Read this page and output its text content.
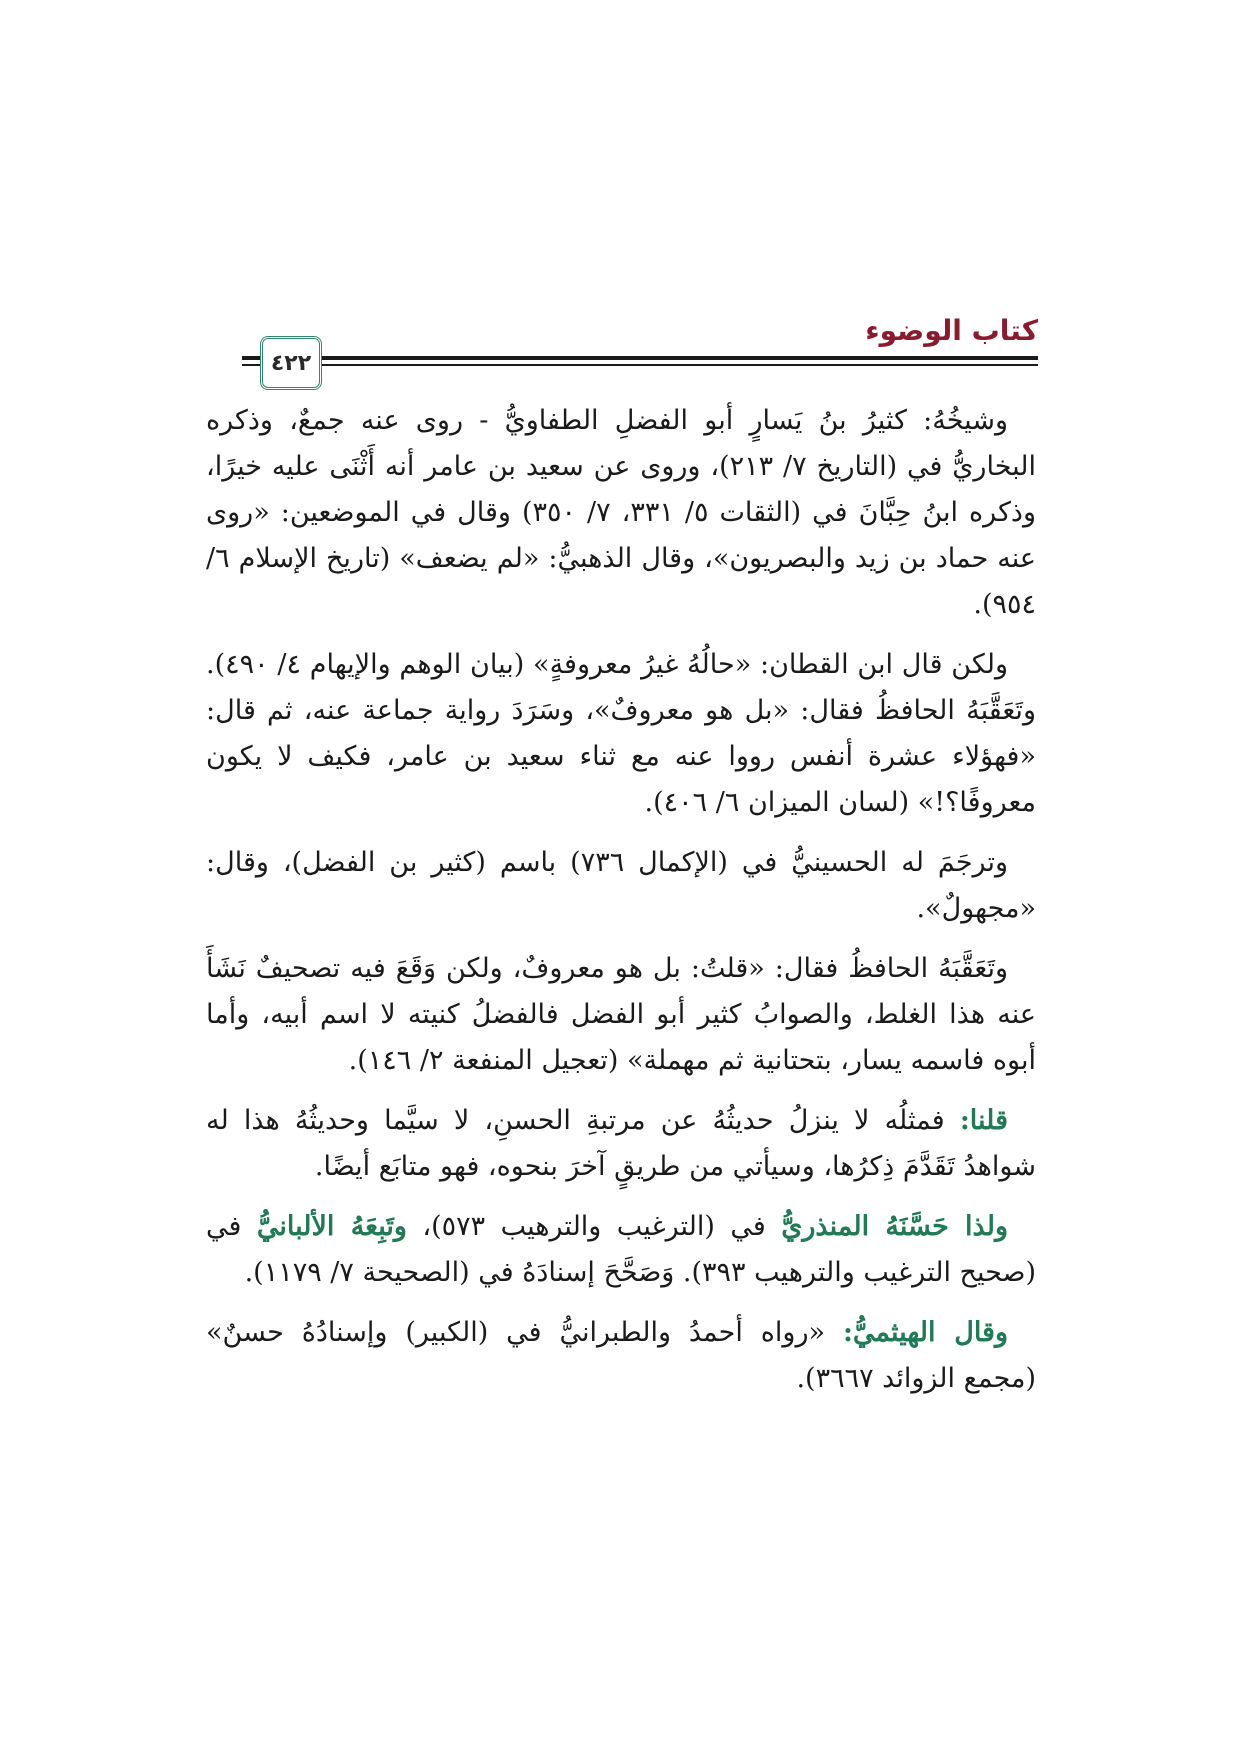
كتاب الوضوء
٤٢٢

وشيخُهُ: كثيرُ بنُ يَسارٍ أبو الفضلِ الطفاويُّ - روى عنه جمعٌ، وذكره البخاريُّ في (التاريخ ٧/ ٢١٣)، وروى عن سعيد بن عامر أنه أَثْنَى عليه خيرًا، وذكره ابنُ حِبَّانَ في (الثقات ٥/ ٣٣١، ٧/ ٣٥٠) وقال في الموضعين: «روى عنه حماد بن زيد والبصريون»، وقال الذهبيُّ: «لم يضعف» (تاريخ الإسلام ٦/ ٩٥٤).

ولكن قال ابن القطان: «حالُهُ غيرُ معروفةٍ» (بيان الوهم والإيهام ٤/ ٤٩٠). وتَعَقَّبَهُ الحافظُ فقال: «بل هو معروفٌ»، وسَرَدَ رواية جماعة عنه، ثم قال: «فهؤلاء عشرة أنفس رووا عنه مع ثناء سعيد بن عامر، فكيف لا يكون معروفًا؟!» (لسان الميزان ٦/ ٤٠٦).

وترجَمَ له الحسينيُّ في (الإكمال ٧٣٦) باسم (كثير بن الفضل)، وقال: «مجهولٌ».

وتَعَقَّبَهُ الحافظُ فقال: «قلتُ: بل هو معروفٌ، ولكن وَقَعَ فيه تصحيفٌ نَشَأَ عنه هذا الغلط، والصوابُ كثير أبو الفضل فالفضلُ كنيته لا اسم أبيه، وأما أبوه فاسمه يسار، بتحتانية ثم مهملة» (تعجيل المنفعة ٢/ ١٤٦).

قلنا: فمثلُه لا ينزلُ حديثُهُ عن مرتبةِ الحسنِ، لا سيَّما وحديثُهُ هذا له شواهدُ تَقَدَّمَ ذِكرُها، وسيأتي من طريقٍ آخرَ بنحوه، فهو متابَع أيضًا.

ولذا حَسَّنَهُ المنذريُّ في (الترغيب والترهيب ٥٧٣)، وتَبِعَهُ الألبانيُّ في (صحيح الترغيب والترهيب ٣٩٣). وَصَحَّحَ إسنادَهُ في (الصحيحة ٧/ ١١٧٩).

وقال الهيثميُّ: «رواه أحمدُ والطبرانيُّ في (الكبير) وإسنادُهُ حسنٌ» (مجمع الزوائد ٣٦٦٧).
